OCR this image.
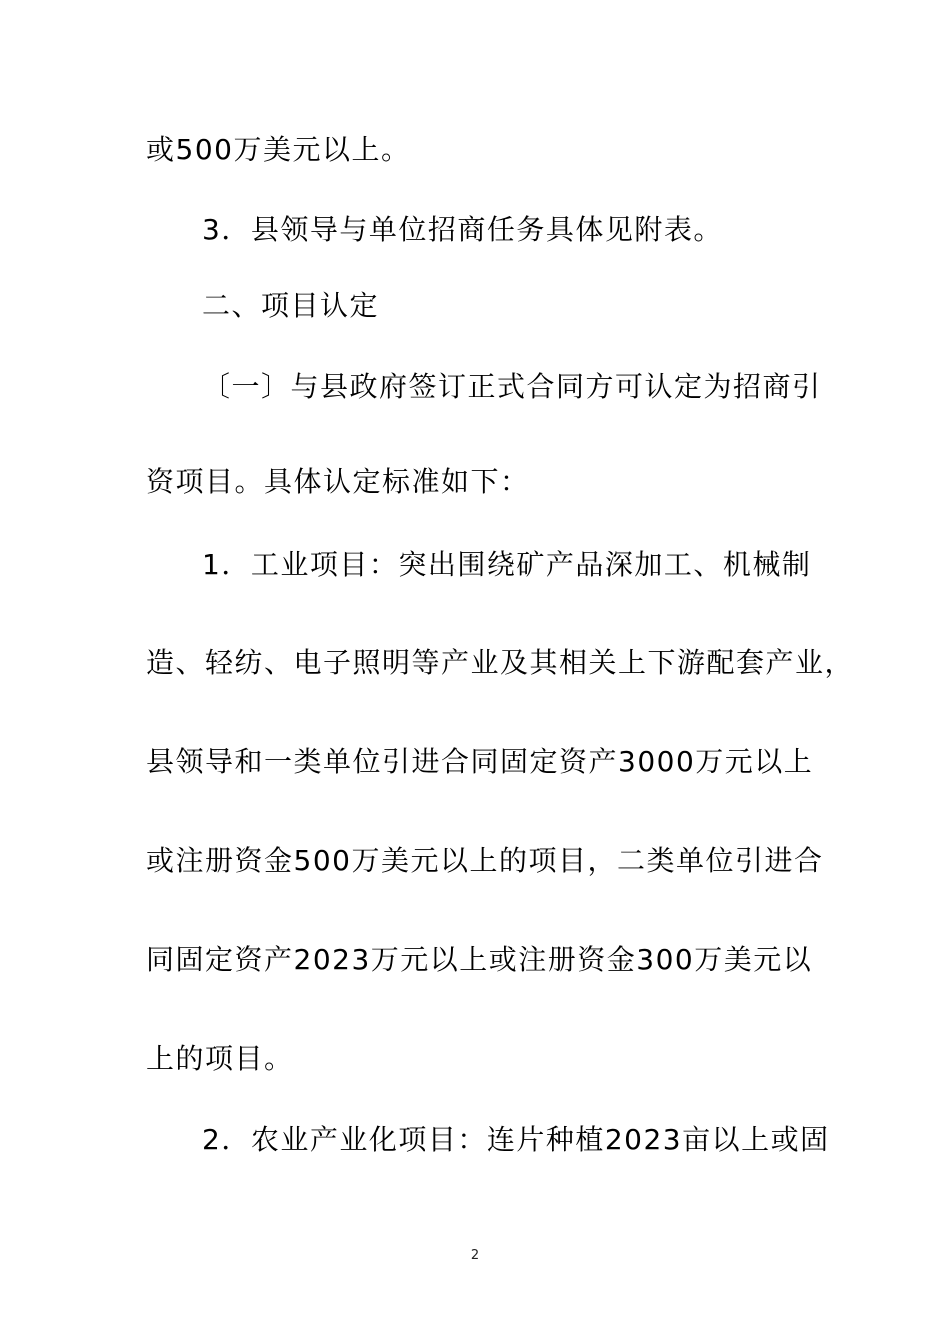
或500万美元以上。
3．县领导与单位招商任务具体见附表。
二、项目认定
〔一〕与县政府签订正式合同方可认定为招商引
资项目。具体认定标准如下：
1．工业项目：突出围绕矿产品深加工、机械制
造、轻纺、电子照明等产业及其相关上下游配套产业，
县领导和一类单位引进合同固定资产3000万元以上
或注册资金500万美元以上的项目，二类单位引进合
同固定资产2023万元以上或注册资金300万美元以
上的项目。
2．农业产业化项目：连片种植2023亩以上或固
2
